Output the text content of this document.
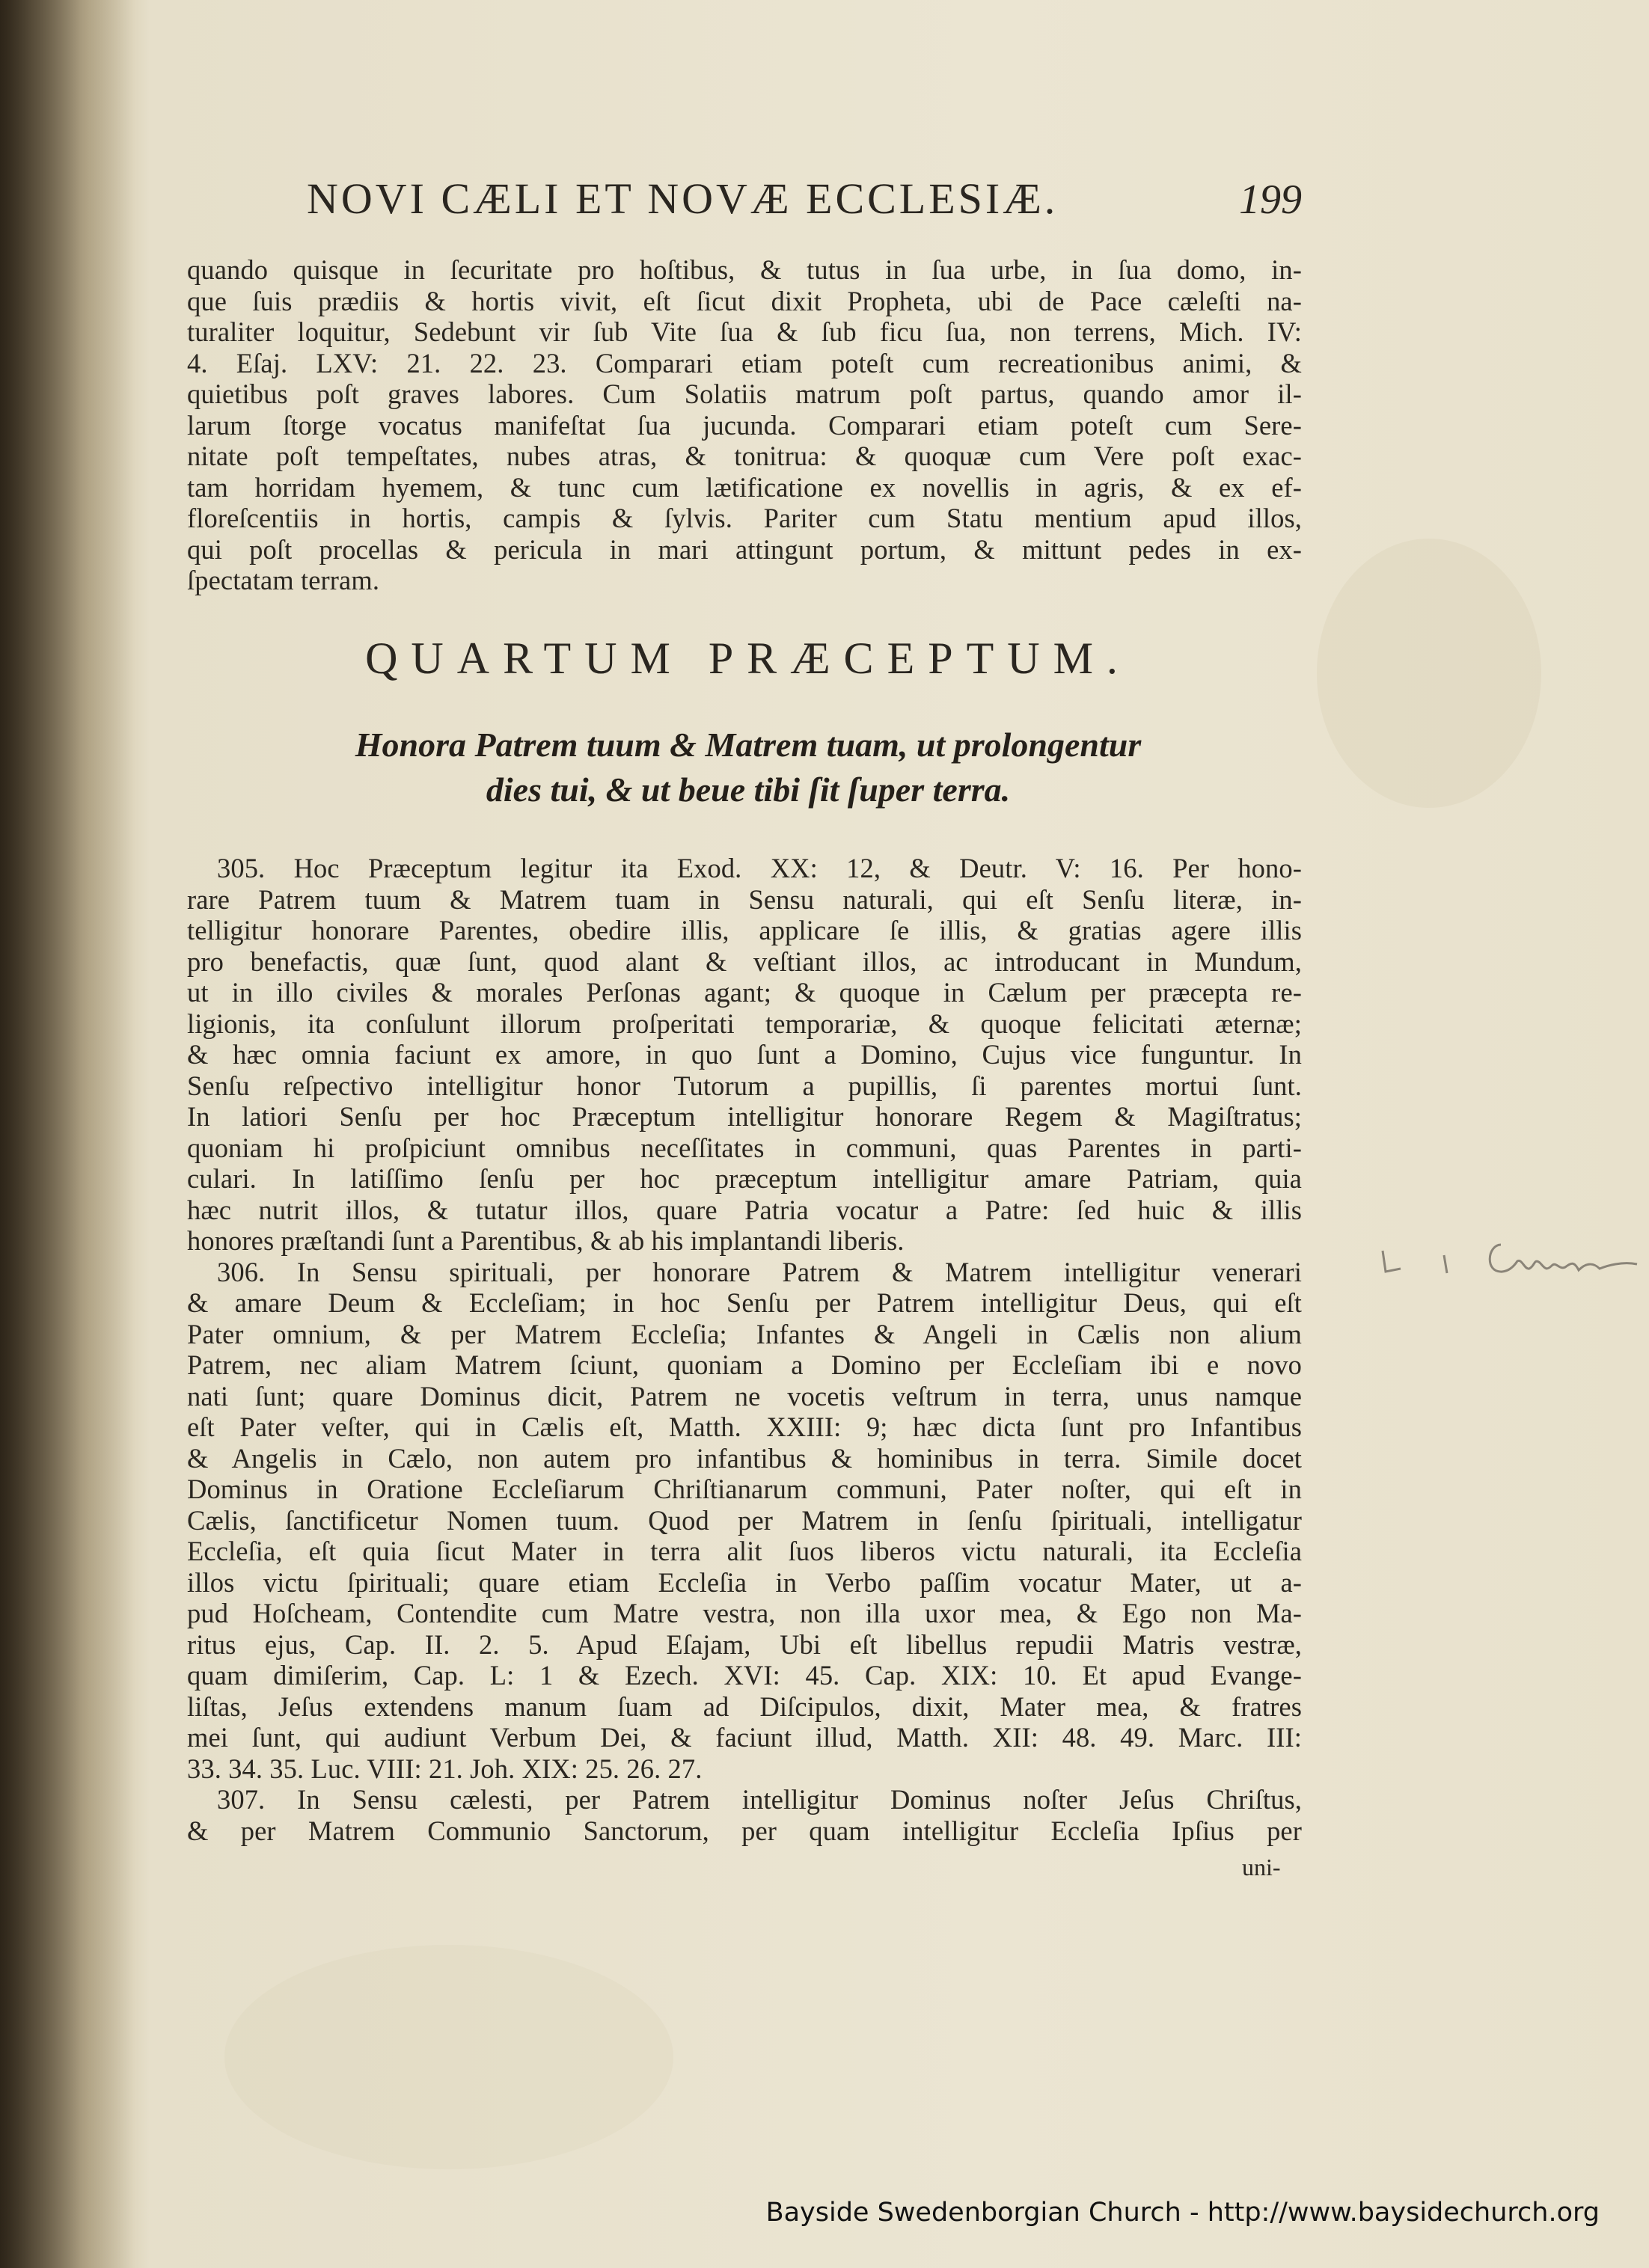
NOVI CÆLI ET NOVÆ ECCLESIÆ.	199
quando quisque in ſecuritate pro hoſtibus, & tutus in ſua urbe, in ſua domo, in-
que ſuis prædiis & hortis vivit, eſt ſicut dixit Propheta, ubi de Pace cæleſti na-
turaliter loquitur, Sedebunt vir ſub Vite ſua & ſub ficu ſua, non terrens, Mich. IV:
4. Eſaj. LXV: 21. 22. 23. Comparari etiam poteſt cum recreationibus animi, &
quietibus poſt graves labores. Cum Solatiis matrum poſt partus, quando amor il-
larum ſtorge vocatus manifeſtat ſua jucunda. Comparari etiam poteſt cum Sere-
nitate poſt tempeſtates, nubes atras, & tonitrua: & quoquæ cum Vere poſt exac-
tam horridam hyemem, & tunc cum lætificatione ex novellis in agris, & ex ef-
floreſcentiis in hortis, campis & ſylvis. Pariter cum Statu mentium apud illos,
qui poſt procellas & pericula in mari attingunt portum, & mittunt pedes in ex-
ſpectatam terram.
QUARTUM PRÆCEPTUM.
Honora Patrem tuum & Matrem tuam, ut prolongentur
dies tui, & ut beue tibi ſit ſuper terra.
305. Hoc Præceptum legitur ita Exod. XX: 12, & Deutr. V: 16. Per hono-
rare Patrem tuum & Matrem tuam in Sensu naturali, qui eſt Senſu literæ, in-
telligitur honorare Parentes, obedire illis, applicare ſe illis, & gratias agere illis
pro benefactis, quæ ſunt, quod alant & veſtiant illos, ac introducant in Mundum,
ut in illo civiles & morales Perſonas agant; & quoque in Cælum per præcepta re-
ligionis, ita conſulunt illorum proſperitati temporariæ, & quoque felicitati æternæ;
& hæc omnia faciunt ex amore, in quo ſunt a Domino, Cujus vice funguntur. In
Senſu reſpectivo intelligitur honor Tutorum a pupillis, ſi parentes mortui ſunt.
In latiori Senſu per hoc Præceptum intelligitur honorare Regem & Magiſtratus;
quoniam hi proſpiciunt omnibus neceſſitates in communi, quas Parentes in parti-
culari. In latiſſimo ſenſu per hoc præceptum intelligitur amare Patriam, quia
hæc nutrit illos, & tutatur illos, quare Patria vocatur a Patre: ſed huic & illis
honores præſtandi ſunt a Parentibus, & ab his implantandi liberis.
306. In Sensu spirituali, per honorare Patrem & Matrem intelligitur venerari
& amare Deum & Eccleſiam; in hoc Senſu per Patrem intelligitur Deus, qui eſt
Pater omnium, & per Matrem Eccleſia; Infantes & Angeli in Cælis non alium
Patrem, nec aliam Matrem ſciunt, quoniam a Domino per Eccleſiam ibi e novo
nati ſunt; quare Dominus dicit, Patrem ne vocetis veſtrum in terra, unus namque
eſt Pater veſter, qui in Cælis eſt, Matth. XXIII: 9; hæc dicta ſunt pro Infantibus
& Angelis in Cælo, non autem pro infantibus & hominibus in terra. Simile docet
Dominus in Oratione Eccleſiarum Chriſtianarum communi, Pater noſter, qui eſt in
Cælis, ſanctificetur Nomen tuum. Quod per Matrem in ſenſu ſpirituali, intelligatur
Eccleſia, eſt quia ſicut Mater in terra alit ſuos liberos victu naturali, ita Eccleſia
illos victu ſpirituali; quare etiam Eccleſia in Verbo paſſim vocatur Mater, ut a-
pud Hoſcheam, Contendite cum Matre vestra, non illa uxor mea, & Ego non Ma-
ritus ejus, Cap. II. 2. 5. Apud Eſajam, Ubi eſt libellus repudii Matris vestræ,
quam dimiſerim, Cap. L: 1 & Ezech. XVI: 45. Cap. XIX: 10. Et apud Evange-
liſtas, Jeſus extendens manum ſuam ad Diſcipulos, dixit, Mater mea, & fratres
mei ſunt, qui audiunt Verbum Dei, & faciunt illud, Matth. XII: 48. 49. Marc. III:
33. 34. 35. Luc. VIII: 21. Joh. XIX: 25. 26. 27.
307. In Sensu cælesti, per Patrem intelligitur Dominus noſter Jeſus Chriſtus,
& per Matrem Communio Sanctorum, per quam intelligitur Eccleſia Ipſius per
uni-
Bayside Swedenborgian Church - http://www.baysidechurch.org
